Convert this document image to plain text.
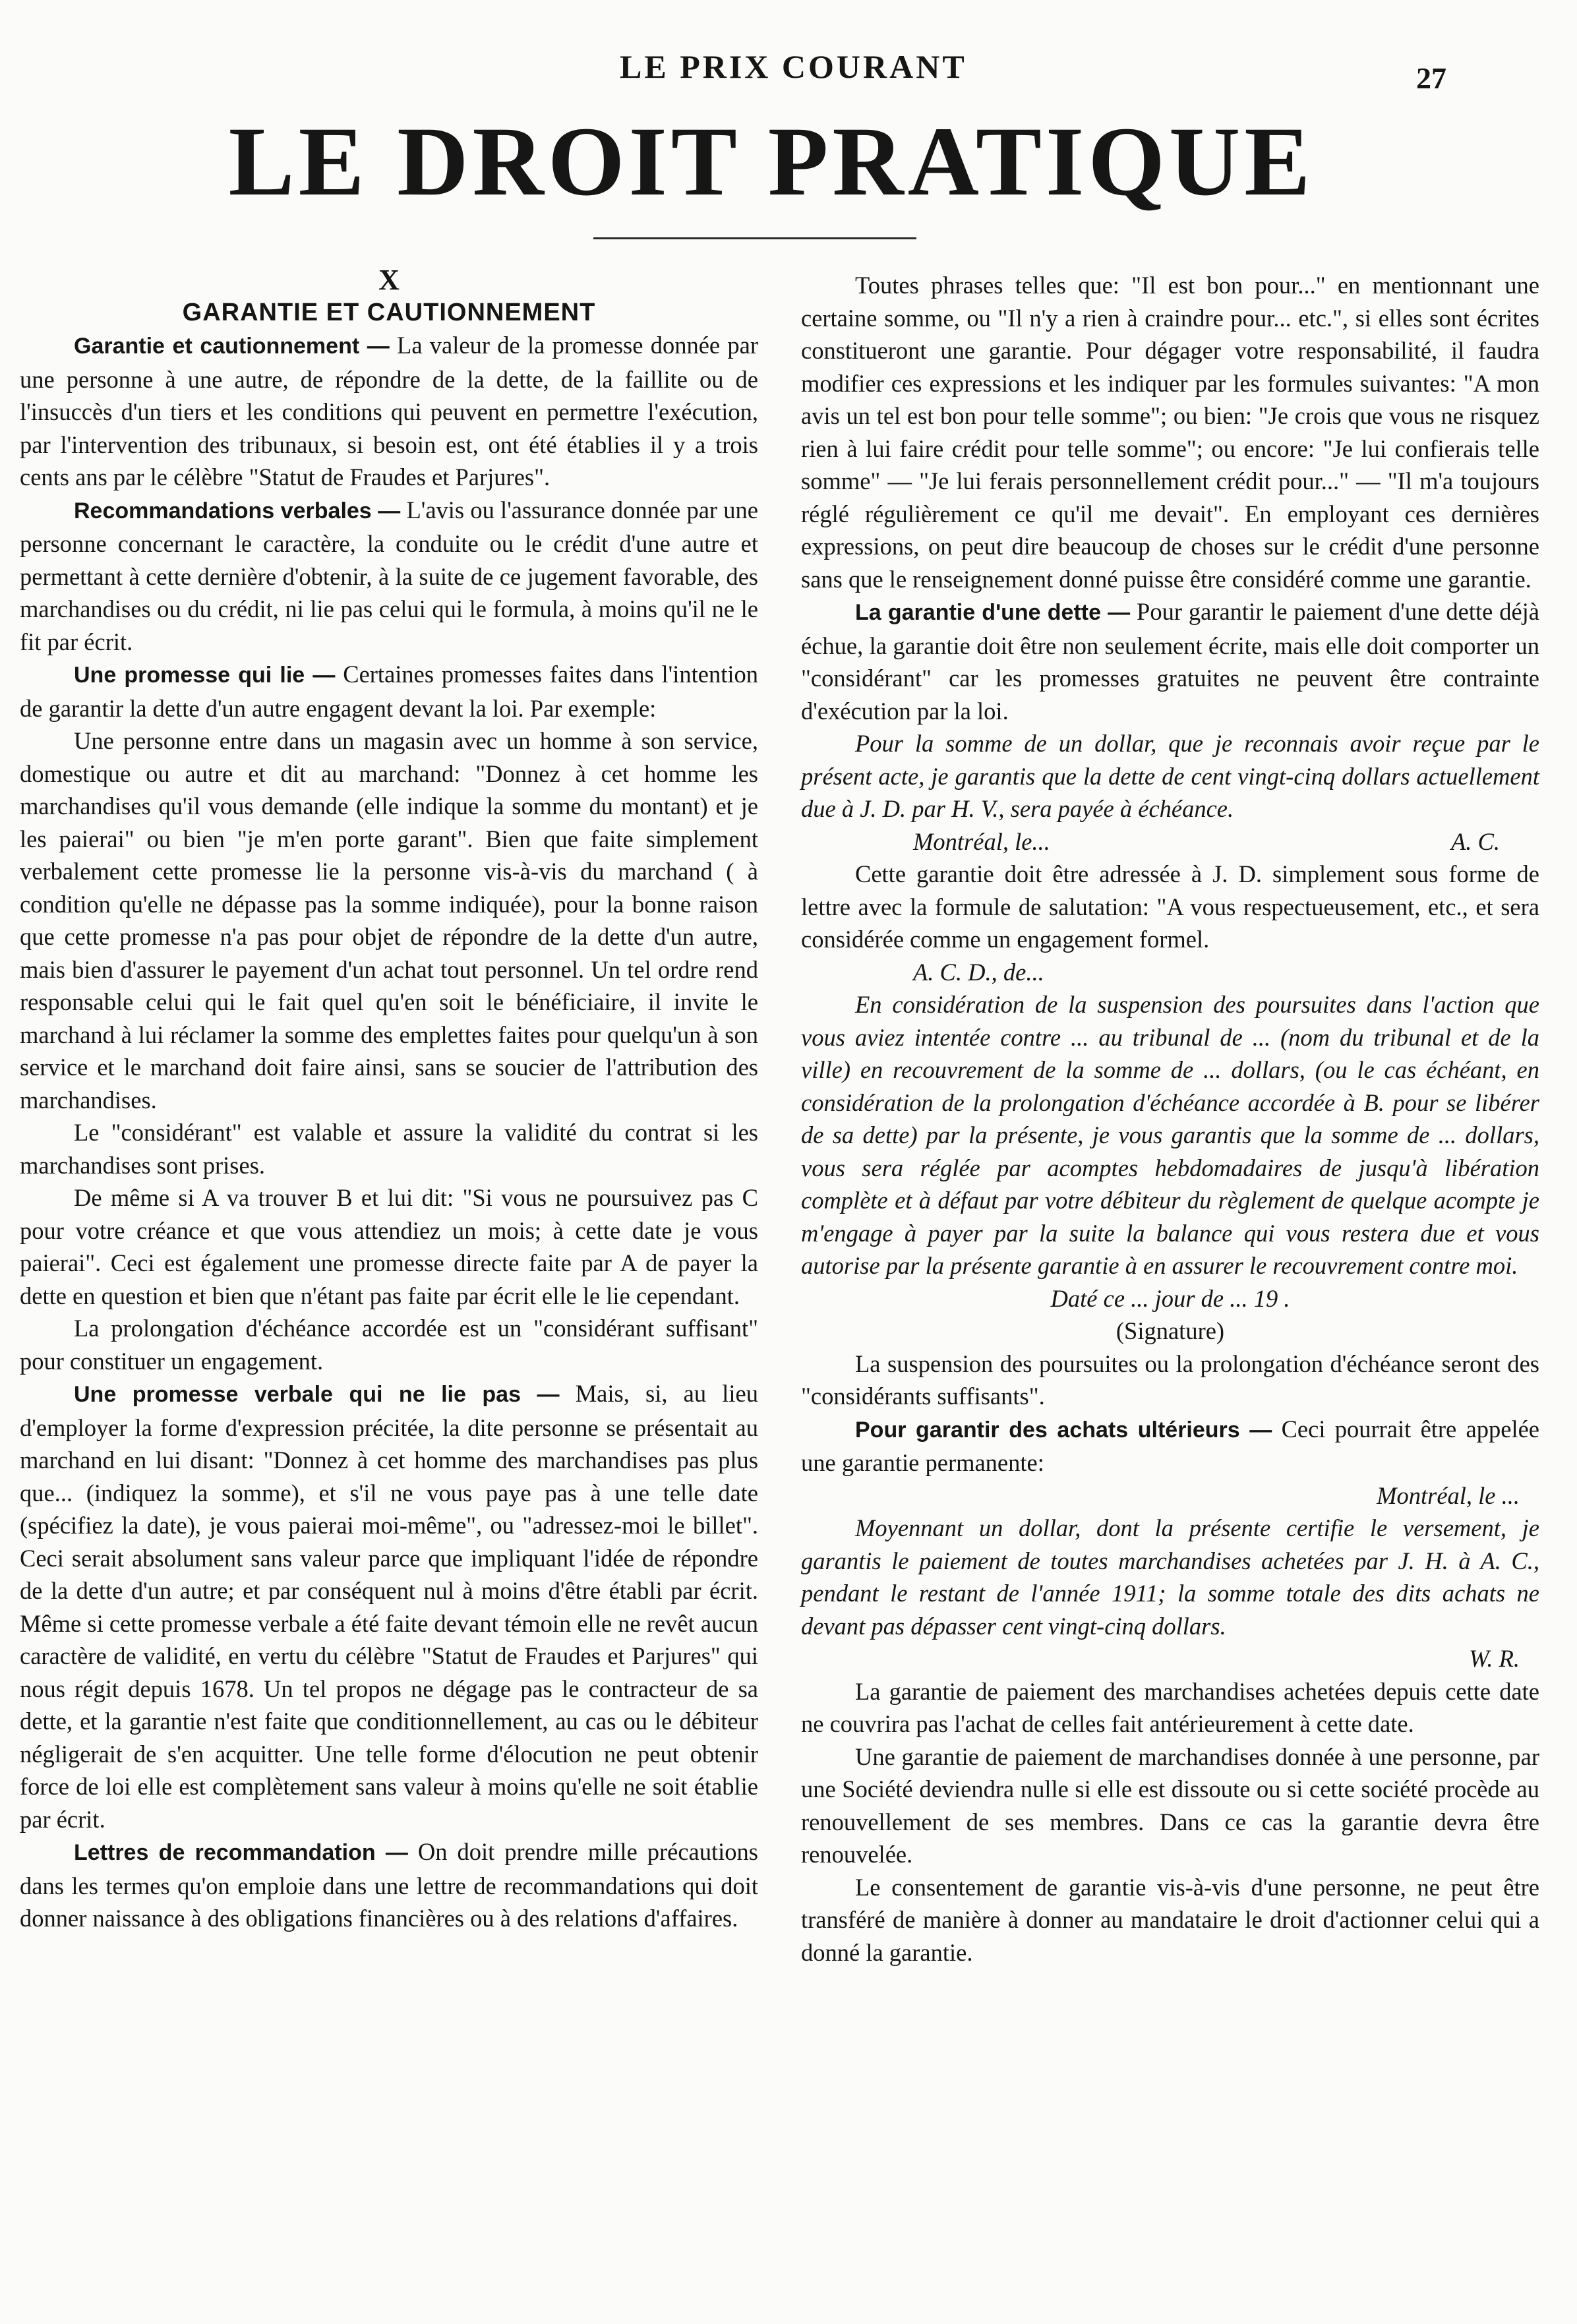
LE PRIX COURANT	27
LE DROIT PRATIQUE

X

GARANTIE ET CAUTIONNEMENT

Garantie et cautionnement — La valeur de la promesse donnée par une personne à une autre, de répondre de la dette, de la faillite ou de l'insuccès d'un tiers et les conditions qui peuvent en permettre l'exécution, par l'intervention des tribunaux, si besoin est, ont été établies il y a trois cents ans par le célèbre "Statut de Fraudes et Parjures".

Recommandations verbales — L'avis ou l'assurance donnée par une personne concernant le caractère, la conduite ou le crédit d'une autre et permettant à cette dernière d'obtenir, à la suite de ce jugement favorable, des marchandises ou du crédit, ni lie pas celui qui le formula, à moins qu'il ne le fit par écrit.

Une promesse qui lie — Certaines promesses faites dans l'intention de garantir la dette d'un autre engagent devant la loi. Par exemple:

Une personne entre dans un magasin avec un homme à son service, domestique ou autre et dit au marchand: "Donnez à cet homme les marchandises qu'il vous demande (elle indique la somme du montant) et je les paierai" ou bien "je m'en porte garant". Bien que faite simplement verbalement cette promesse lie la personne vis-à-vis du marchand ( à condition qu'elle ne dépasse pas la somme indiquée), pour la bonne raison que cette promesse n'a pas pour objet de répondre de la dette d'un autre, mais bien d'assurer le payement d'un achat tout personnel. Un tel ordre rend responsable celui qui le fait quel qu'en soit le bénéficiaire, il invite le marchand à lui réclamer la somme des emplettes faites pour quelqu'un à son service et le marchand doit faire ainsi, sans se soucier de l'attribution des marchandises.

Le "considérant" est valable et assure la validité du contrat si les marchandises sont prises.

De même si A va trouver B et lui dit: "Si vous ne poursuivez pas C pour votre créance et que vous attendiez un mois; à cette date je vous paierai". Ceci est également une promesse directe faite par A de payer la dette en question et bien que n'étant pas faite par écrit elle le lie cependant.

La prolongation d'échéance accordée est un "considérant suffisant" pour constituer un engagement.

Une promesse verbale qui ne lie pas — Mais, si, au lieu d'employer la forme d'expression précitée, la dite personne se présentait au marchand en lui disant: "Donnez à cet homme des marchandises pas plus que... (indiquez la somme), et s'il ne vous paye pas à une telle date (spécifiez la date), je vous paierai moi-même", ou "adressez-moi le billet". Ceci serait absolument sans valeur parce que impliquant l'idée de répondre de la dette d'un autre; et par conséquent nul à moins d'être établi par écrit. Même si cette promesse verbale a été faite devant témoin elle ne revêt aucun caractère de validité, en vertu du célèbre "Statut de Fraudes et Parjures" qui nous régit depuis 1678. Un tel propos ne dégage pas le contracteur de sa dette, et la garantie n'est faite que conditionnellement, au cas ou le débiteur négligerait de s'en acquitter. Une telle forme d'élocution ne peut obtenir force de loi elle est complètement sans valeur à moins qu'elle ne soit établie par écrit.

Lettres de recommandation — On doit prendre mille précautions dans les termes qu'on emploie dans une lettre de recommandations qui doit donner naissance à des obligations financières ou à des relations d'affaires.

Toutes phrases telles que: "Il est bon pour..." en mentionnant une certaine somme, ou "Il n'y a rien à craindre pour... etc.", si elles sont écrites constitueront une garantie. Pour dégager votre responsabilité, il faudra modifier ces expressions et les indiquer par les formules suivantes: "A mon avis un tel est bon pour telle somme"; ou bien: "Je crois que vous ne risquez rien à lui faire crédit pour telle somme"; ou encore: "Je lui confierais telle somme" — "Je lui ferais personnellement crédit pour..." — "Il m'a toujours réglé régulièrement ce qu'il me devait". En employant ces dernières expressions, on peut dire beaucoup de choses sur le crédit d'une personne sans que le renseignement donné puisse être considéré comme une garantie.

La garantie d'une dette — Pour garantir le paiement d'une dette déjà échue, la garantie doit être non seulement écrite, mais elle doit comporter un "considérant" car les promesses gratuites ne peuvent être contrainte d'exécution par la loi.

Pour la somme de un dollar, que je reconnais avoir reçue par le présent acte, je garantis que la dette de cent vingt-cinq dollars actuellement due à J. D. par H. V., sera payée à échéance.

Montréal, le...	A. C.

Cette garantie doit être adressée à J. D. simplement sous forme de lettre avec la formule de salutation: "A vous respectueusement, etc., et sera considérée comme un engagement formel.

A. C. D., de...

En considération de la suspension des poursuites dans l'action que vous aviez intentée contre ... au tribunal de ... (nom du tribunal et de la ville) en recouvrement de la somme de ... dollars, (ou le cas échéant, en considération de la prolongation d'échéance accordée à B. pour se libérer de sa dette) par la présente, je vous garantis que la somme de ... dollars, vous sera réglée par acomptes hebdomadaires de jusqu'à libération complète et à défaut par votre débiteur du règlement de quelque acompte je m'engage à payer par la suite la balance qui vous restera due et vous autorise par la présente garantie à en assurer le recouvrement contre moi.

Daté ce ... jour de ... 19 .

(Signature)

La suspension des poursuites ou la prolongation d'échéance seront des "considérants suffisants".

Pour garantir des achats ultérieurs — Ceci pourrait être appelée une garantie permanente:

Montréal, le ...

Moyennant un dollar, dont la présente certifie le versement, je garantis le paiement de toutes marchandises achetées par J. H. à A. C., pendant le restant de l'année 1911; la somme totale des dits achats ne devant pas dépasser cent vingt-cinq dollars.

W. R.

La garantie de paiement des marchandises achetées depuis cette date ne couvrira pas l'achat de celles fait antérieurement à cette date.

Une garantie de paiement de marchandises donnée à une personne, par une Société deviendra nulle si elle est dissoute ou si cette société procède au renouvellement de ses membres. Dans ce cas la garantie devra être renouvelée.

Le consentement de garantie vis-à-vis d'une personne, ne peut être transféré de manière à donner au mandataire le droit d'actionner celui qui a donné la garantie.
